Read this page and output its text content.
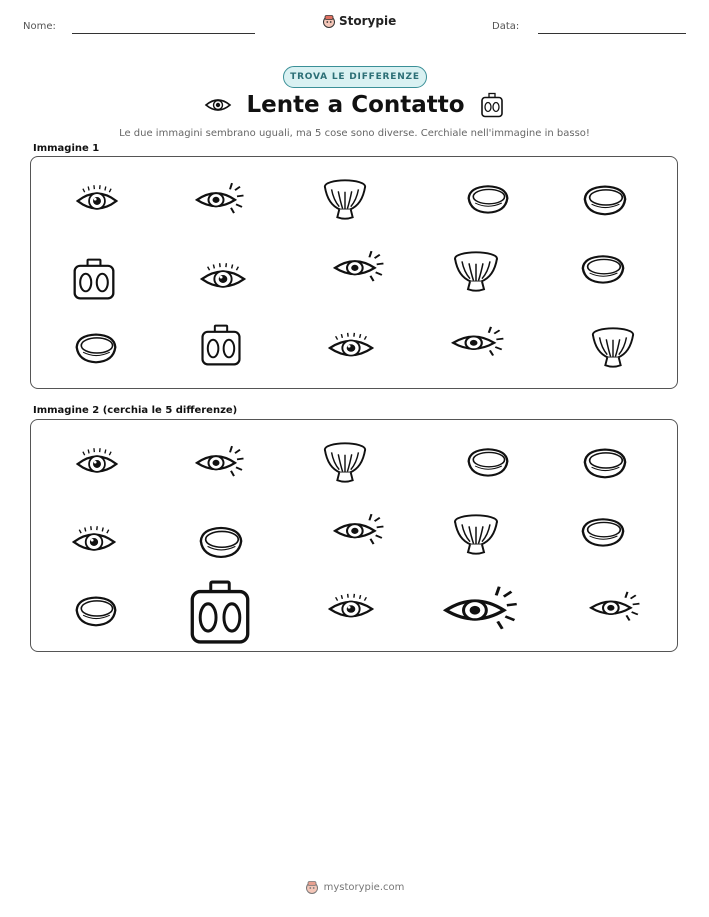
Nome:	Storypie	Data:
TROVA LE DIFFERENZE
Lente a Contatto
Le due immagini sembrano uguali, ma 5 cose sono diverse. Cerchiale nell'immagine in basso!
Immagine 1
Immagine 2 (cerchia le 5 differenze)
mystorypie.com
